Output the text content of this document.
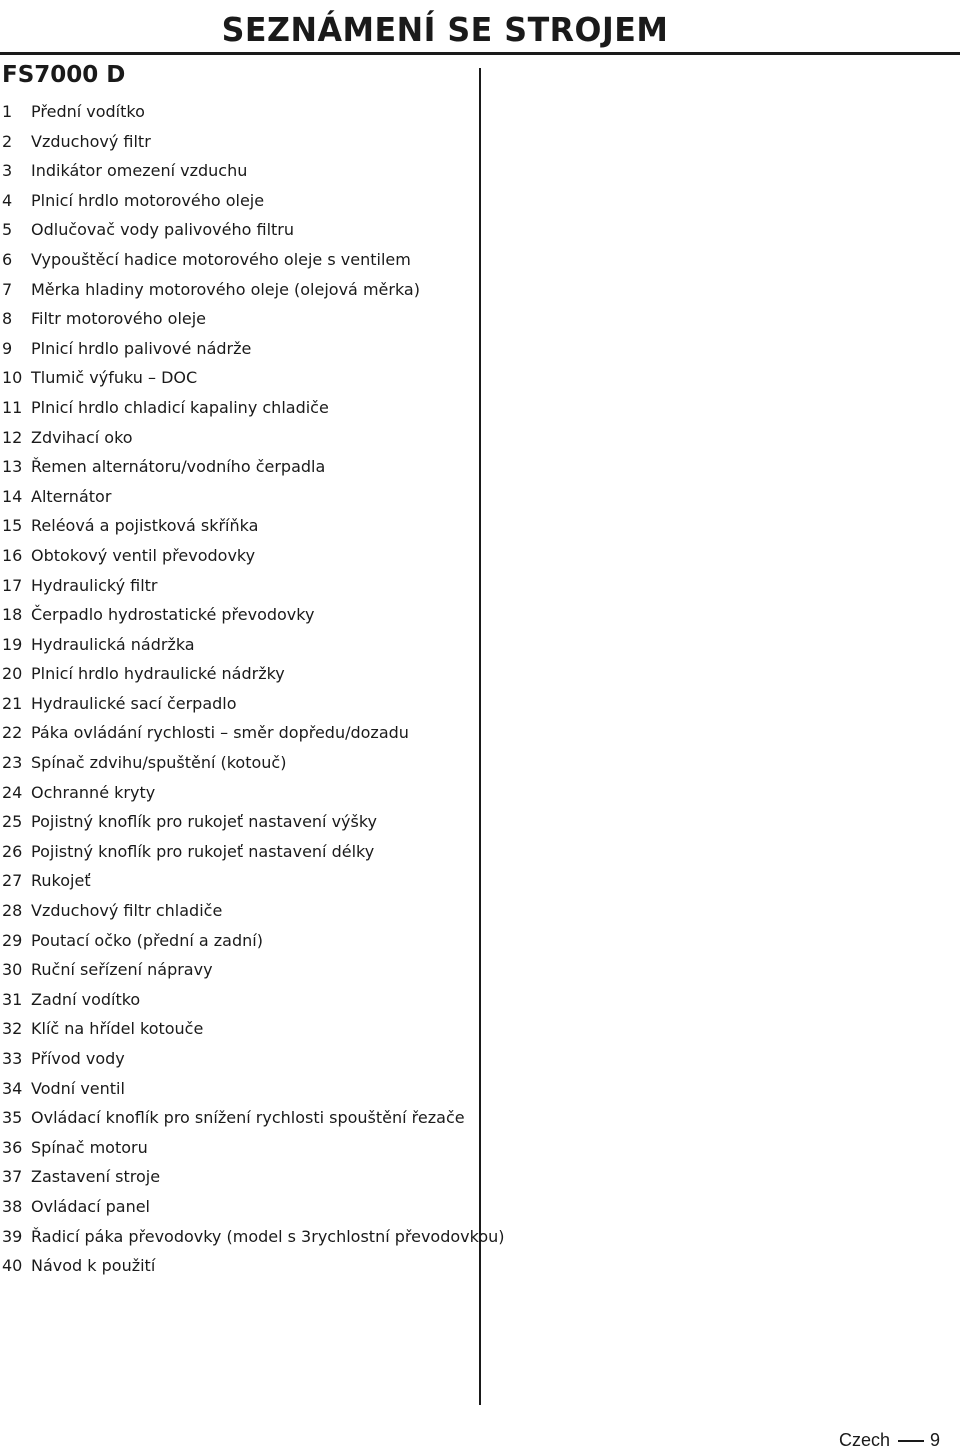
SEZNÁMENÍ SE STROJEM
FS7000 D
1	Přední vodítko
2	Vzduchový filtr
3	Indikátor omezení vzduchu
4	Plnicí hrdlo motorového oleje
5	Odlučovač vody palivového filtru
6	Vypouštěcí hadice motorového oleje s ventilem
7	Měrka hladiny motorového oleje (olejová měrka)
8	Filtr motorového oleje
9	Plnicí hrdlo palivové nádrže
10 Tlumič výfuku – DOC
11 Plnicí hrdlo chladicí kapaliny chladiče
12 Zdvihací oko
13 Řemen alternátoru/vodního čerpadla
14 Alternátor
15 Reléová a pojistková skříňka
16 Obtokový ventil převodovky
17 Hydraulický filtr
18 Čerpadlo hydrostatické převodovky
19 Hydraulická nádržka
20 Plnicí hrdlo hydraulické nádržky
21 Hydraulické sací čerpadlo
22 Páka ovládání rychlosti – směr dopředu/dozadu
23 Spínač zdvihu/spuštění (kotouč)
24 Ochranné kryty
25 Pojistný knoflík pro rukojeť nastavení výšky
26 Pojistný knoflík pro rukojeť nastavení délky
27 Rukojeť
28 Vzduchový filtr chladiče
29 Poutací očko (přední a zadní)
30 Ruční seřízení nápravy
31 Zadní vodítko
32 Klíč na hřídel kotouče
33 Přívod vody
34 Vodní ventil
35 Ovládací knoflík pro snížení rychlosti spouštění řezače
36 Spínač motoru
37 Zastavení stroje
38 Ovládací panel
39 Řadicí páka převodovky (model s 3rychlostní převodovkou)
40 Návod k použití
Czech 9
